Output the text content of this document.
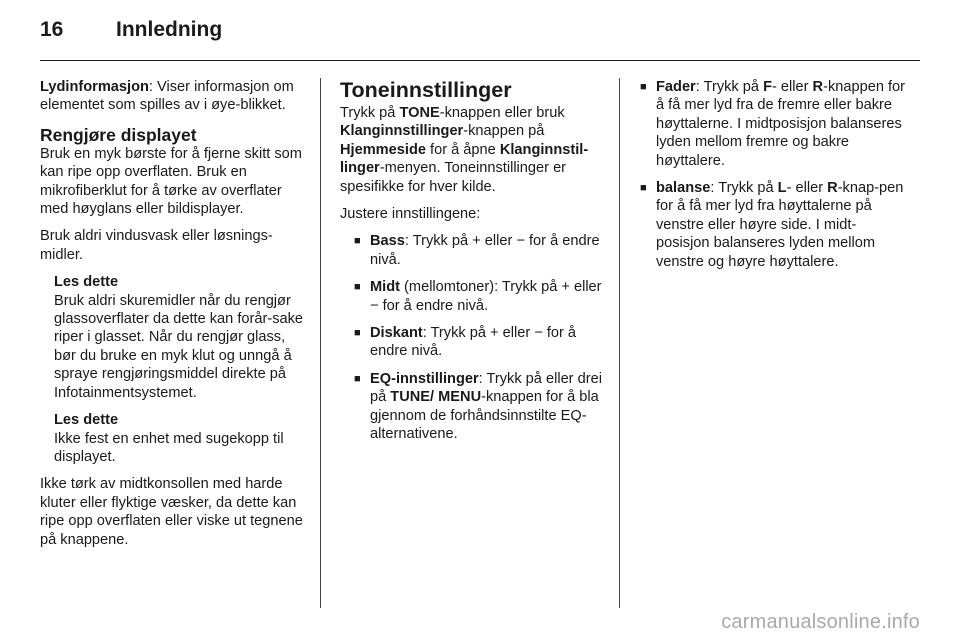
16	Innledning

Lydinformasjon: Viser informasjon om elementet som spilles av i øye-blikket.

Rengjøre displayet

Bruk en myk børste for å fjerne skitt som kan ripe opp overflaten. Bruk en mikrofiberklut for å tørke av overflater med høyglans eller bildisplayer.

Bruk aldri vindusvask eller løsnings-midler.

Les dette

Bruk aldri skuremidler når du rengjør glassoverflater da dette kan forår-sake riper i glasset. Når du rengjør glass, bør du bruke en myk klut og unngå å spraye rengjøringsmiddel direkte på Infotainmentsystemet.

Les dette

Ikke fest en enhet med sugekopp til displayet.

Ikke tørk av midtkonsollen med harde kluter eller flyktige væsker, da dette kan ripe opp overflaten eller viske ut tegnene på knappene.

Toneinnstillinger

Trykk på TONE-knappen eller bruk Klanginnstillinger-knappen på Hjemmeside for å åpne Klanginnstil-linger-menyen. Toneinnstillinger er spesifikke for hver kilde.

Justere innstillingene:

■ Bass: Trykk på + eller − for å endre nivå.
■ Midt (mellomtoner): Trykk på + eller − for å endre nivå.
■ Diskant: Trykk på + eller − for å endre nivå.
■ EQ-innstillinger: Trykk på eller drei på TUNE/ MENU-knappen for å bla gjennom de forhåndsinnstilte EQ-alternativene.
■ Fader: Trykk på F- eller R-knappen for å få mer lyd fra de fremre eller bakre høyttalerne. I midtposisjon balanseres lyden mellom fremre og bakre høyttalere.
■ balanse: Trykk på L- eller R-knap-pen for å få mer lyd fra høyttalerne på venstre eller høyre side. I midt-posisjon balanseres lyden mellom venstre og høyre høyttalere.
carmanualsonline.info
